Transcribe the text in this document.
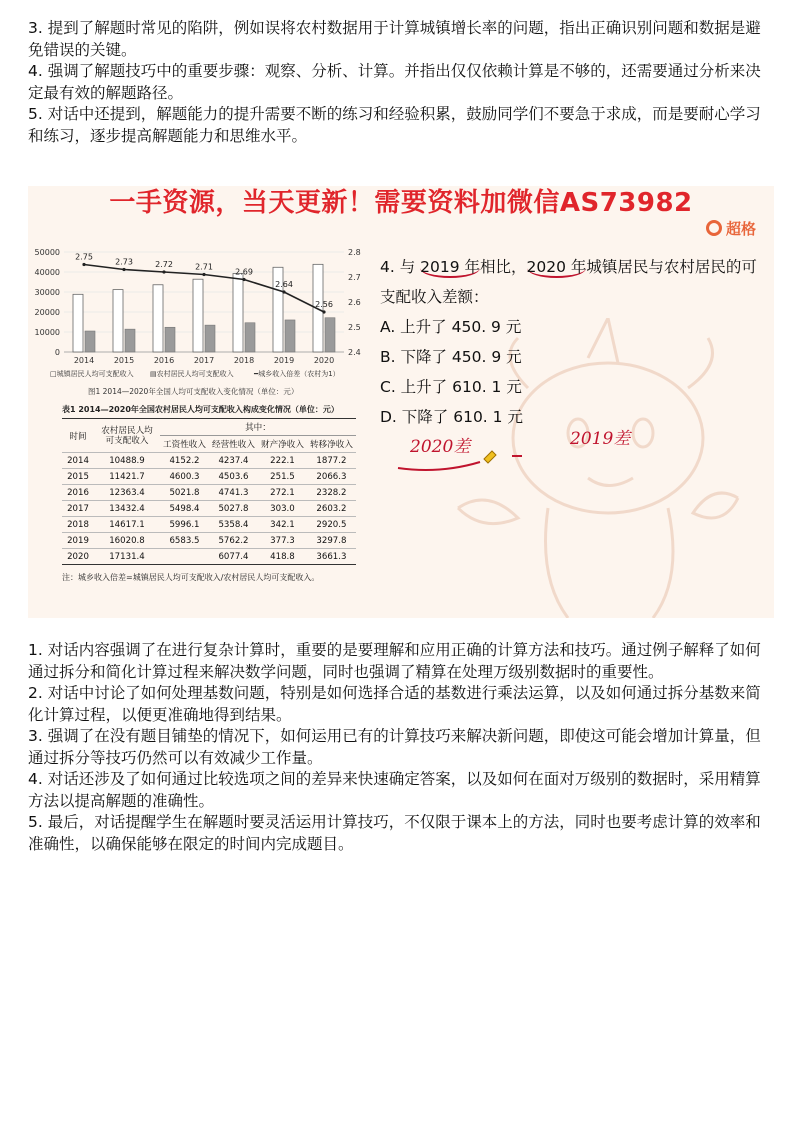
3. 提到了解题时常见的陷阱，例如误将农村数据用于计算城镇增长率的问题，指出正确识别问题和数据是避免错误的关键。

4. 强调了解题技巧中的重要步骤：观察、分析、计算。并指出仅仅依赖计算是不够的，还需要通过分析来决定最有效的解题路径。

5. 对话中还提到，解题能力的提升需要不断的练习和经验积累，鼓励同学们不要急于求成，而是要耐心学习和练习，逐步提高解题能力和思维水平。

一手资源，当天更新！需要资料加微信AS73982
超格
0
10000
20000
30000
40000
50000
2.4
2.5
2.6
2.7
2.8
2.75
2.73	2.72	2.71
2.69
2.64
2.56
2014 2015 2016 2017 2018 2019 2020
□城镇居民人均可支配收入 ▤农村居民人均可支配收入	━城乡收入倍差（农村为1）
图1 2014—2020年全国人均可支配收入变化情况（单位：元）
表1 2014—2020年全国农村居民人均可支配收入构成变化情况（单位：元）
时间	农村居民人均可支配收入	其中：			
		工资性收入	经营性收入	财产净收入	转移净收入
2014	10488.9	4152.2	4237.4	222.1	1877.2
2015	11421.7	4600.3	4503.6	251.5	2066.3
2016	12363.4	5021.8	4741.3	272.1	2328.2
2017	13432.4	5498.4	5027.8	303.0	2603.2
2018	14617.1	5996.1	5358.4	342.1	2920.5
2019	16020.8	6583.5	5762.2	377.3	3297.8
2020	17131.4		6077.4	418.8	3661.3
注：城乡收入倍差=城镇居民人均可支配收入/农村居民人均可支配收入。
4. 与 2019 年相比，2020 年城镇居民与农村居民的可
支配收入差额：
A. 上升了 450. 9 元
B. 下降了 450. 9 元
C. 上升了 610. 1 元
D. 下降了 610. 1 元
2020差	2019差

1. 对话内容强调了在进行复杂计算时，重要的是要理解和应用正确的计算方法和技巧。通过例子解释了如何通过拆分和简化计算过程来解决数学问题，同时也强调了精算在处理万级别数据时的重要性。

2. 对话中讨论了如何处理基数问题，特别是如何选择合适的基数进行乘法运算，以及如何通过拆分基数来简化计算过程，以便更准确地得到结果。

3. 强调了在没有题目铺垫的情况下，如何运用已有的计算技巧来解决新问题，即使这可能会增加计算量，但通过拆分等技巧仍然可以有效减少工作量。

4. 对话还涉及了如何通过比较选项之间的差异来快速确定答案，以及如何在面对万级别的数据时，采用精算方法以提高解题的准确性。

5. 最后，对话提醒学生在解题时要灵活运用计算技巧，不仅限于课本上的方法，同时也要考虑计算的效率和准确性，以确保能够在限定的时间内完成题目。
